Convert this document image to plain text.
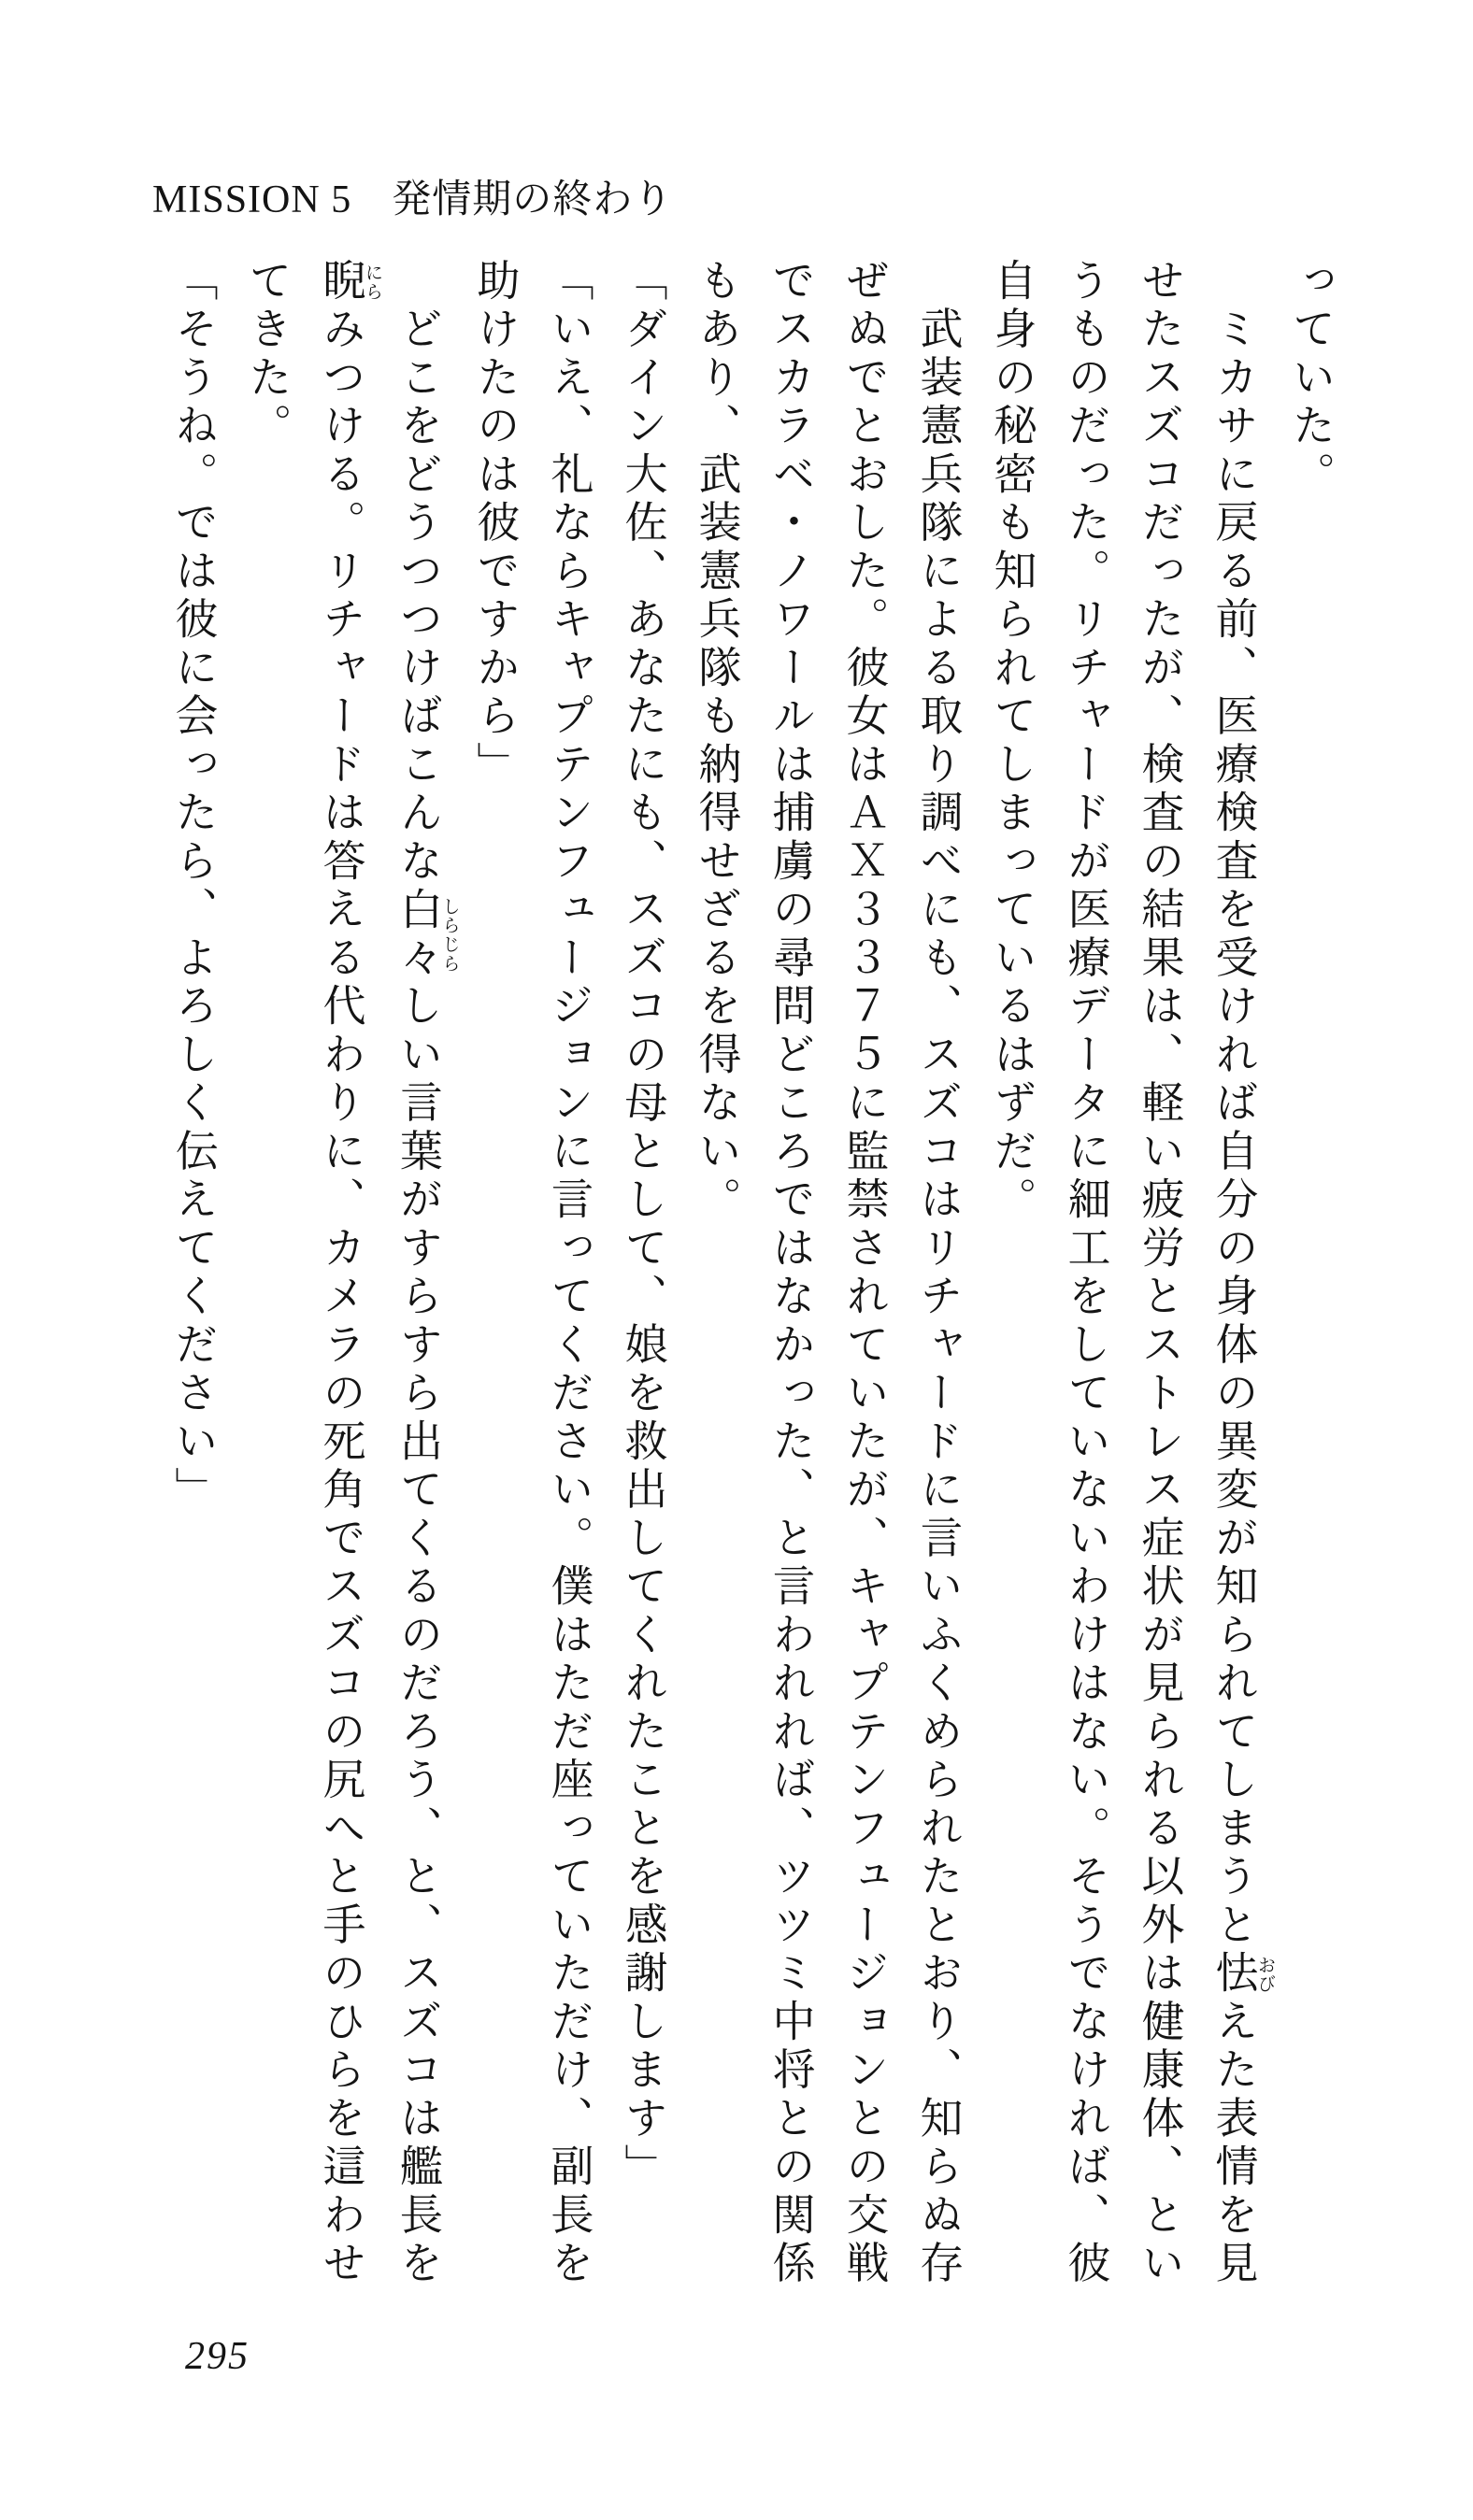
MISSION 5　発情期の終わり
っていた。
　ミカサに戻る前、医療検査を受ければ自分の身体の異変が知られてしまうと怯おびえた表情を見
せたスズコだったが、検査の結果は、軽い疲労とストレス症状が見られる以外は健康体、とい
うものだった。リチャードが医療データに細工をしていないわけはない。そうでなければ、彼
自身の秘密も知られてしまっているはずだ。
　武装憲兵隊による取り調べにも、スズコはリチャードに言いふくめられたとおり、知らぬ存
ぜぬでとおした。彼女はＡＸ３３７５に監禁されていたが、キャプテンフュージョンとの交戦
でスカラベ・ノワールは捕虜の尋問どころではなかった、と言われれば、ツツミ中将との関係
もあり、武装憲兵隊も納得せざるを得ない。
「ダイン大佐、あなたにも、スズコの母として、娘を救出してくれたことを感謝します」
「いえ、礼ならキャプテンフュージョンに言ってください。僕はただ座っていただけ、副長を
助けたのは彼ですから」
　どこをどうつつけばこんな白々しらじらしい言葉がすらすら出てくるのだろう、と、スズコは艦長を
睨にらみつける。リチャードは答える代わりに、カメラの死角でスズコの尻へと手のひらを這わせ
てきた。
「そうね。では彼に会ったら、よろしく伝えてください」
295
